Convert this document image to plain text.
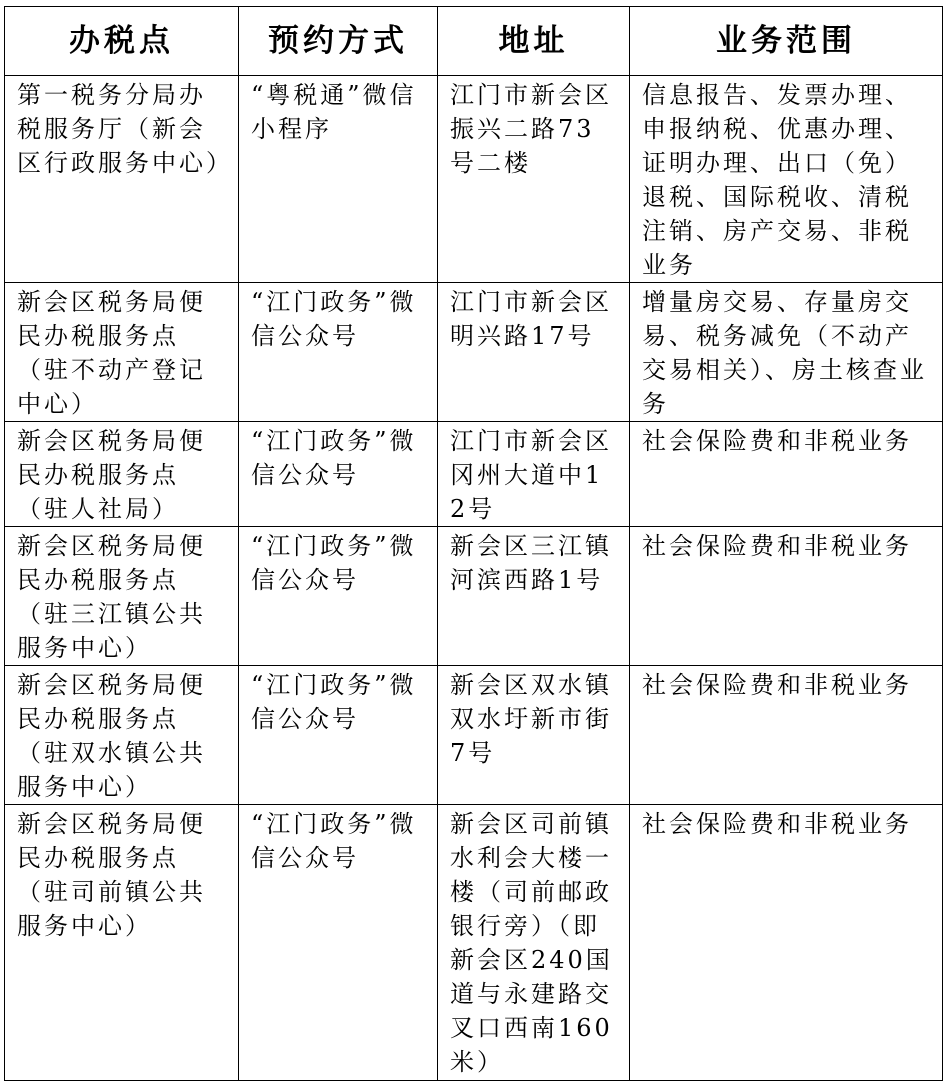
办税点	预约方式	地址	业务范围
第一税务分局办税服务厅（新会区行政服务中心）	“粤税通”微信小程序	江门市新会区振兴二路73号二楼	信息报告、发票办理、申报纳税、优惠办理、证明办理、出口（免）退税、国际税收、清税注销、房产交易、非税业务
新会区税务局便民办税服务点（驻不动产登记中心）	“江门政务”微信公众号	江门市新会区明兴路17号	增量房交易、存量房交易、税务减免（不动产交易相关）、房土核查业务
新会区税务局便民办税服务点（驻人社局）	“江门政务”微信公众号	江门市新会区冈州大道中12号	社会保险费和非税业务
新会区税务局便民办税服务点（驻三江镇公共服务中心）	“江门政务”微信公众号	新会区三江镇河滨西路1号	社会保险费和非税业务
新会区税务局便民办税服务点（驻双水镇公共服务中心）	“江门政务”微信公众号	新会区双水镇双水圩新市街7号	社会保险费和非税业务
新会区税务局便民办税服务点（驻司前镇公共服务中心）	“江门政务”微信公众号	新会区司前镇水利会大楼一楼（司前邮政银行旁）（即新会区240国道与永建路交叉口西南160米）	社会保险费和非税业务
